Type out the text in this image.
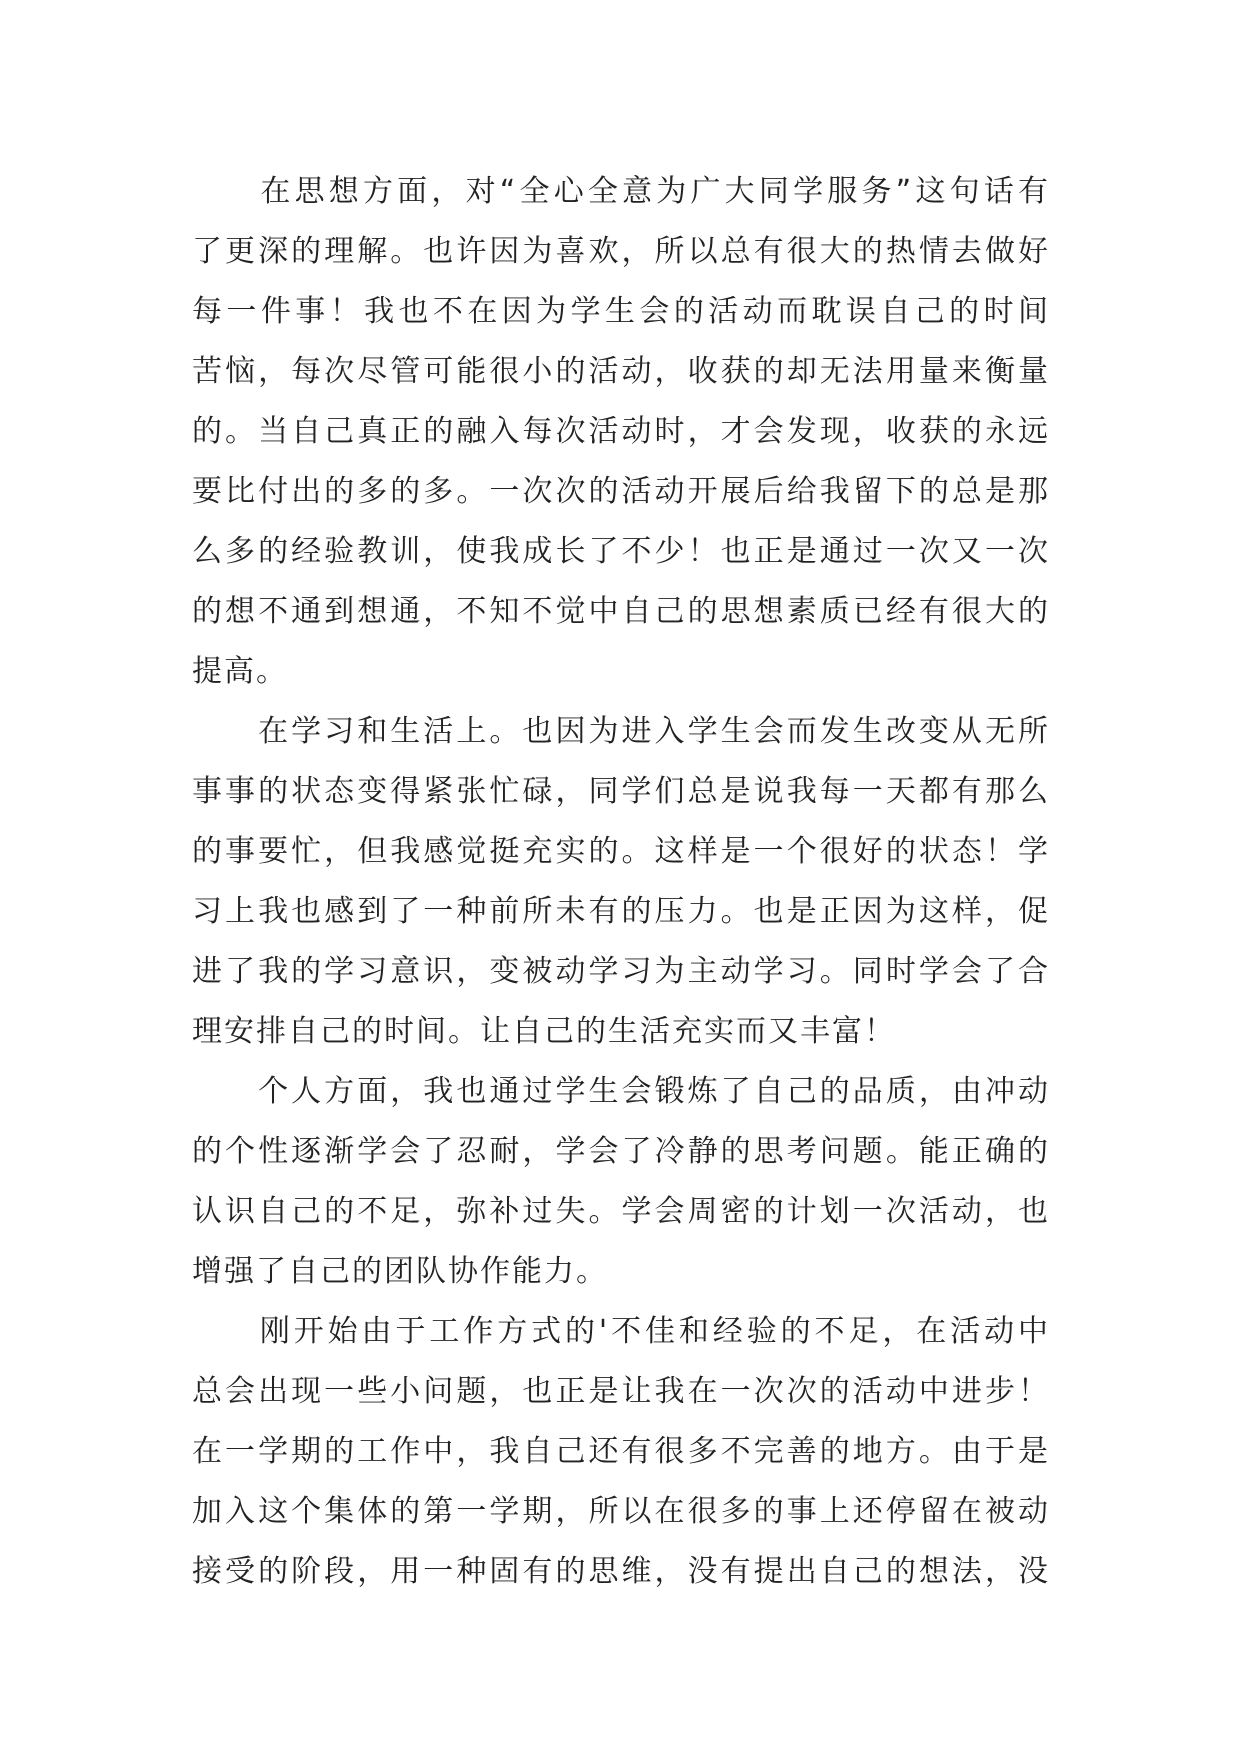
　　在思想方面，对“全心全意为广大同学服务”这句话有
了更深的理解。也许因为喜欢，所以总有很大的热情去做好
每一件事！我也不在因为学生会的活动而耽误自己的时间
苦恼，每次尽管可能很小的活动，收获的却无法用量来衡量
的。当自己真正的融入每次活动时，才会发现，收获的永远
要比付出的多的多。一次次的活动开展后给我留下的总是那
么多的经验教训，使我成长了不少！也正是通过一次又一次
的想不通到想通，不知不觉中自己的思想素质已经有很大的
提高。
　　在学习和生活上。也因为进入学生会而发生改变从无所
事事的状态变得紧张忙碌，同学们总是说我每一天都有那么
的事要忙，但我感觉挺充实的。这样是一个很好的状态！学
习上我也感到了一种前所未有的压力。也是正因为这样，促
进了我的学习意识，变被动学习为主动学习。同时学会了合
理安排自己的时间。让自己的生活充实而又丰富！
　　个人方面，我也通过学生会锻炼了自己的品质，由冲动
的个性逐渐学会了忍耐，学会了冷静的思考问题。能正确的
认识自己的不足，弥补过失。学会周密的计划一次活动，也
增强了自己的团队协作能力。
　　刚开始由于工作方式的'不佳和经验的不足，在活动中
总会出现一些小问题，也正是让我在一次次的活动中进步！
在一学期的工作中，我自己还有很多不完善的地方。由于是
加入这个集体的第一学期，所以在很多的事上还停留在被动
接受的阶段，用一种固有的思维，没有提出自己的想法，没
